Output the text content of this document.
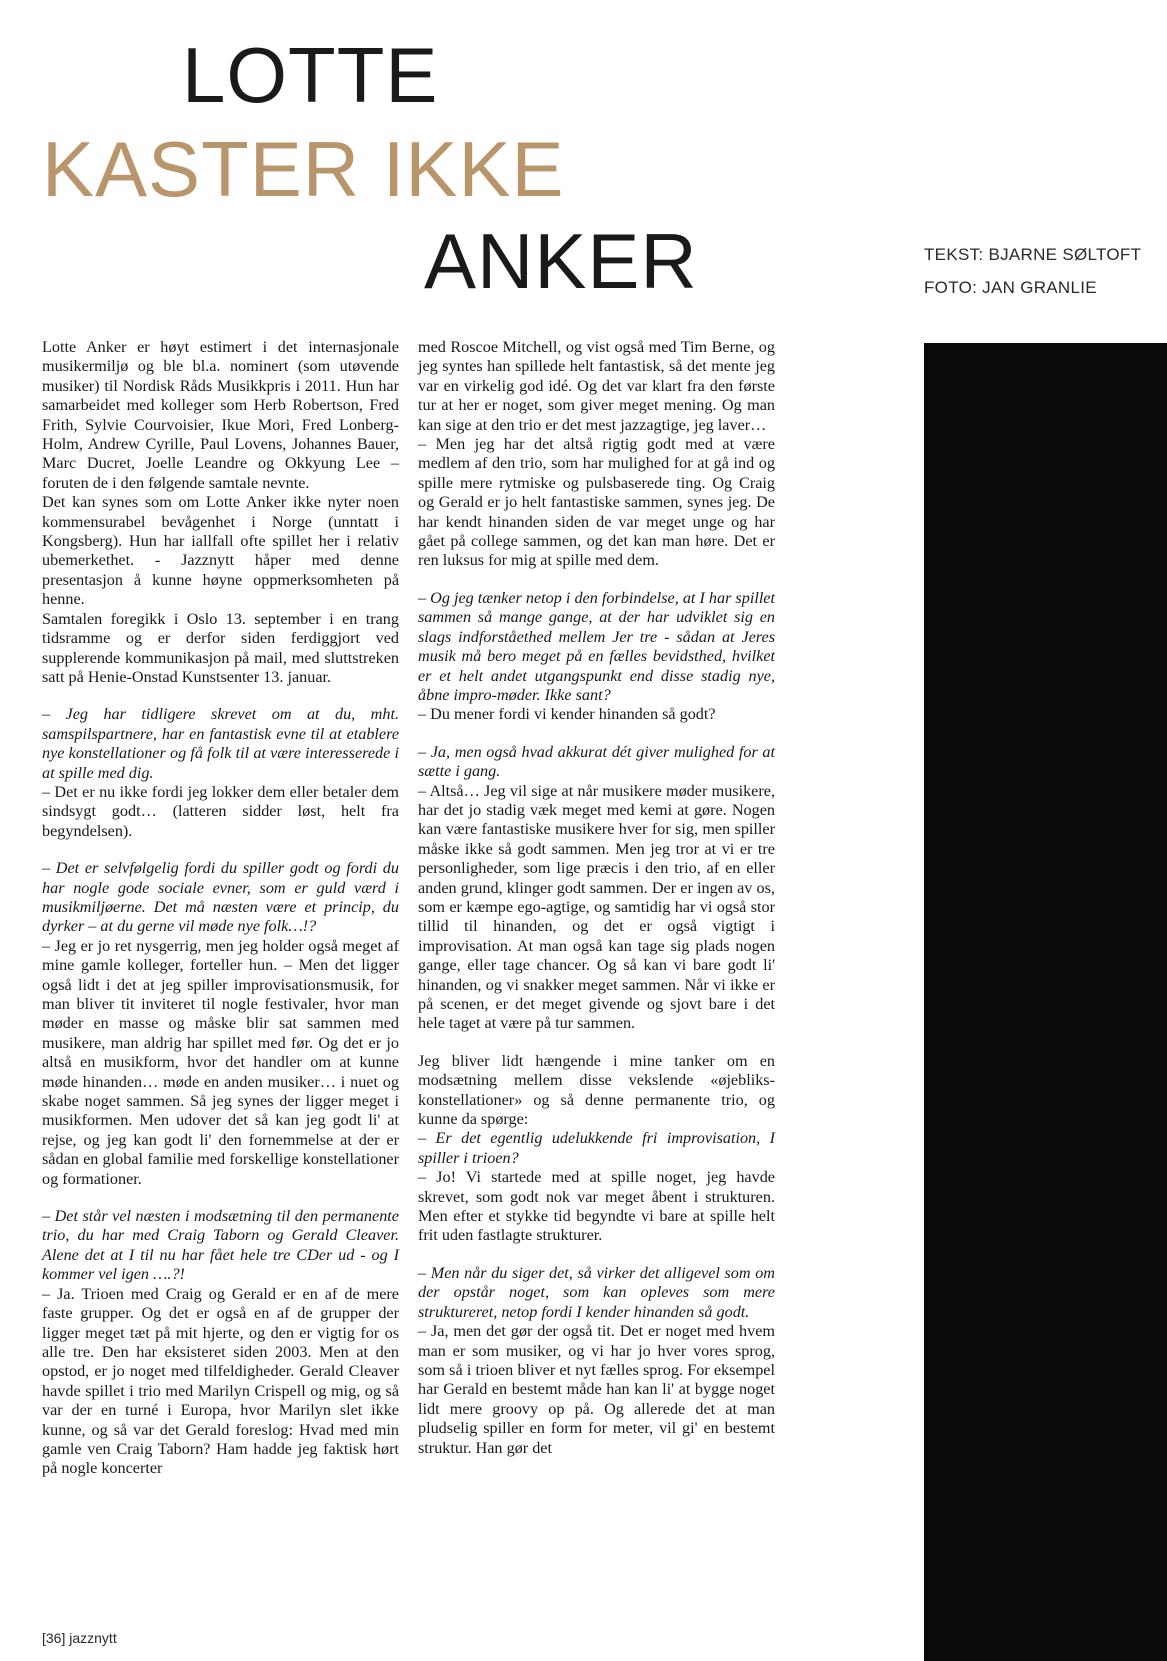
LOTTE
KASTER IKKE
ANKER	TEKST: BJARNE SØLTOFT
FOTO: JAN GRANLIE

Lotte Anker er høyt estimert i det internasjonale musikermiljø og ble bl.a. nominert (som utøvende musiker) til Nordisk Råds Musikkpris i 2011. Hun har samarbeidet med kolleger som Herb Robertson, Fred Frith, Sylvie Courvoisier, Ikue Mori, Fred Lonberg-Holm, Andrew Cyrille, Paul Lovens, Johannes Bauer, Marc Ducret, Joelle Leandre og Okkyung Lee – foruten de i den følgende samtale nevnte.

Det kan synes som om Lotte Anker ikke nyter noen kommensurabel bevågenhet i Norge (unntatt i Kongsberg). Hun har iallfall ofte spillet her i relativ ubemerkethet. - Jazznytt håper med denne presentasjon å kunne høyne oppmerksomheten på henne.

Samtalen foregikk i Oslo 13. september i en trang tidsramme og er derfor siden ferdiggjort ved supplerende kommunikasjon på mail, med sluttstreken satt på Henie-Onstad Kunstsenter 13. januar.

– Jeg har tidligere skrevet om at du, mht. samspilspartnere, har en fantastisk evne til at etablere nye konstellationer og få folk til at være interesserede i at spille med dig.

– Det er nu ikke fordi jeg lokker dem eller betaler dem sindsygt godt… (latteren sidder løst, helt fra begyndelsen).

– Det er selvfølgelig fordi du spiller godt og fordi du har nogle gode sociale evner, som er guld værd i musikmiljøerne. Det må næsten være et princip, du dyrker – at du gerne vil møde nye folk…!?

– Jeg er jo ret nysgerrig, men jeg holder også meget af mine gamle kolleger, forteller hun. – Men det ligger også lidt i det at jeg spiller improvisationsmusik, for man bliver tit inviteret til nogle festivaler, hvor man møder en masse og måske blir sat sammen med musikere, man aldrig har spillet med før. Og det er jo altså en musikform, hvor det handler om at kunne møde hinanden… møde en anden musiker… i nuet og skabe noget sammen. Så jeg synes der ligger meget i musikformen. Men udover det så kan jeg godt li' at rejse, og jeg kan godt li' den fornemmelse at der er sådan en global familie med forskellige konstellationer og formationer.

– Det står vel næsten i modsætning til den permanente trio, du har med Craig Taborn og Gerald Cleaver. Alene det at I til nu har fået hele tre CDer ud - og I kommer vel igen ….?!

– Ja. Trioen med Craig og Gerald er en af de mere faste grupper. Og det er også en af de grupper der ligger meget tæt på mit hjerte, og den er vigtig for os alle tre. Den har eksisteret siden 2003. Men at den opstod, er jo noget med tilfeldigheder. Gerald Cleaver havde spillet i trio med Marilyn Crispell og mig, og så var der en turné i Europa, hvor Marilyn slet ikke kunne, og så var det Gerald foreslog: Hvad med min gamle ven Craig Taborn? Ham hadde jeg faktisk hørt på nogle koncerter

med Roscoe Mitchell, og vist også med Tim Berne, og jeg syntes han spillede helt fantastisk, så det mente jeg var en virkelig god idé. Og det var klart fra den første tur at her er noget, som giver meget mening. Og man kan sige at den trio er det mest jazzagtige, jeg laver…

– Men jeg har det altså rigtig godt med at være medlem af den trio, som har mulighed for at gå ind og spille mere rytmiske og pulsbaserede ting. Og Craig og Gerald er jo helt fantastiske sammen, synes jeg. De har kendt hinanden siden de var meget unge og har gået på college sammen, og det kan man høre. Det er ren luksus for mig at spille med dem.

– Og jeg tænker netop i den forbindelse, at I har spillet sammen så mange gange, at der har udviklet sig en slags indforståethed mellem Jer tre - sådan at Jeres musik må bero meget på en fælles bevidsthed, hvilket er et helt andet utgangspunkt end disse stadig nye, åbne impro-møder. Ikke sant?

– Du mener fordi vi kender hinanden så godt?

– Ja, men også hvad akkurat dét giver mulighed for at sætte i gang.

– Altså… Jeg vil sige at når musikere møder musikere, har det jo stadig væk meget med kemi at gøre. Nogen kan være fantastiske musikere hver for sig, men spiller måske ikke så godt sammen. Men jeg tror at vi er tre personligheder, som lige præcis i den trio, af en eller anden grund, klinger godt sammen. Der er ingen av os, som er kæmpe ego-agtige, og samtidig har vi også stor tillid til hinanden, og det er også vigtigt i improvisation. At man også kan tage sig plads nogen gange, eller tage chancer. Og så kan vi bare godt li' hinanden, og vi snakker meget sammen. Når vi ikke er på scenen, er det meget givende og sjovt bare i det hele taget at være på tur sammen.

Jeg bliver lidt hængende i mine tanker om en modsætning mellem disse vekslende «øjebliks-konstellationer» og så denne permanente trio, og kunne da spørge:

– Er det egentlig udelukkende fri improvisation, I spiller i trioen?

– Jo! Vi startede med at spille noget, jeg havde skrevet, som godt nok var meget åbent i strukturen. Men efter et stykke tid begyndte vi bare at spille helt frit uden fastlagte strukturer.

– Men når du siger det, så virker det alligevel som om der opstår noget, som kan opleves som mere struktureret, netop fordi I kender hinanden så godt.

– Ja, men det gør der også tit. Det er noget med hvem man er som musiker, og vi har jo hver vores sprog, som så i trioen bliver et nyt fælles sprog. For eksempel har Gerald en bestemt måde han kan li' at bygge noget lidt mere groovy op på. Og allerede det at man pludselig spiller en form for meter, vil gi' en bestemt struktur. Han gør det

[36] jazznytt
